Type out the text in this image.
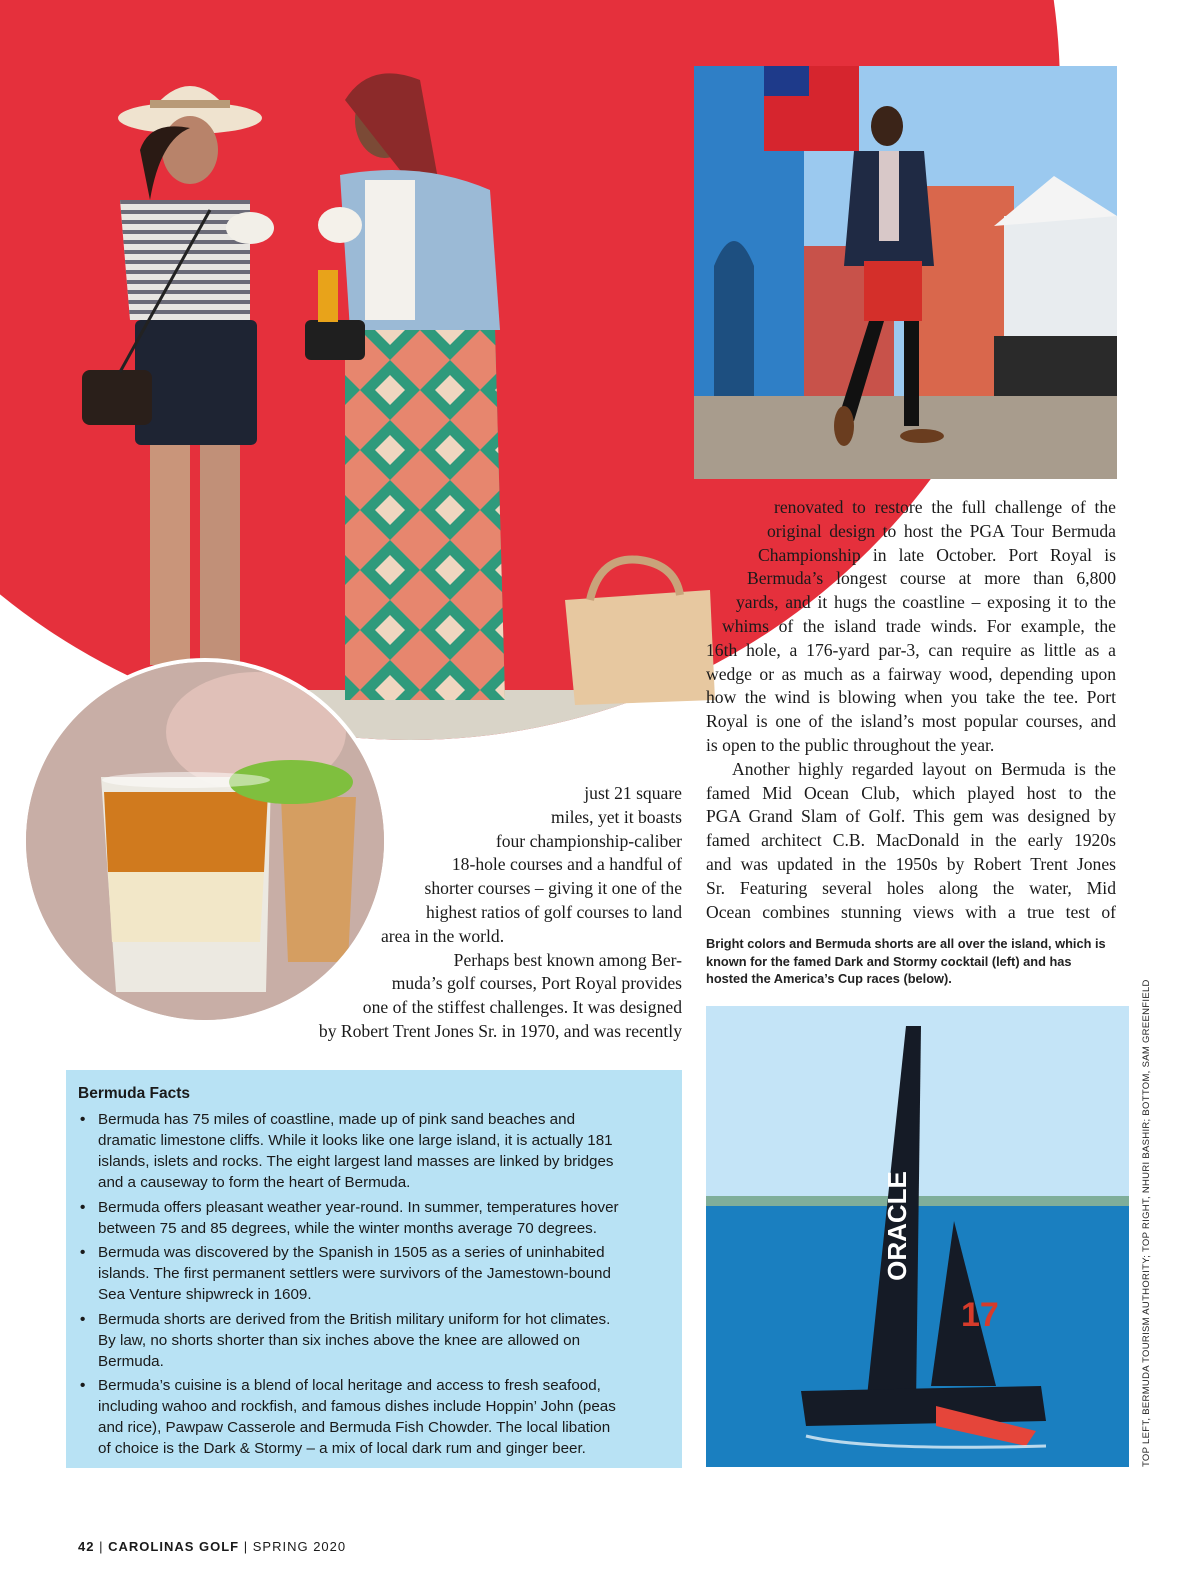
renovated to restore the full challenge of the
original design to host the PGA Tour Bermuda
Championship in late October. Port Royal is
Bermuda’s longest course at more than 6,800
yards, and it hugs the coastline – exposing it to the
whims of the island trade winds. For example, the
16th hole, a 176-yard par-3, can require as little as a
wedge or as much as a fairway wood, depending upon
how the wind is blowing when you take the tee. Port
Royal is one of the island’s most popular courses, and
is open to the public throughout the year.
Another highly regarded layout on Bermuda is the
famed Mid Ocean Club, which played host to the
PGA Grand Slam of Golf. This gem was designed by
famed architect C.B. MacDonald in the early 1920s
and was updated in the 1950s by Robert Trent Jones
Sr. Featuring several holes along the water, Mid
Ocean combines stunning views with a true test of
just 21 square
miles, yet it boasts
four championship-caliber
18-hole courses and a handful of
shorter courses – giving it one of the
highest ratios of golf courses to land
area in the world.
Perhaps best known among Ber-
muda’s golf courses, Port Royal provides
one of the stiffest challenges. It was designed
by Robert Trent Jones Sr. in 1970, and was recently
Bright colors and Bermuda shorts are all over the island, which is
known for the famed Dark and Stormy cocktail (left) and has
hosted the America’s Cup races (below).
ORACLE
17	TOP LEFT, BERMUDA TOURISM AUTHORITY; TOP RIGHT, NHURI BASHIR; BOTTOM, SAM GREENFIELD
Bermuda Facts
• Bermuda has 75 miles of coastline, made up of pink sand beaches and
dramatic limestone cliffs. While it looks like one large island, it is actually 181
islands, islets and rocks. The eight largest land masses are linked by bridges
and a causeway to form the heart of Bermuda.
• Bermuda offers pleasant weather year-round. In summer, temperatures hover
between 75 and 85 degrees, while the winter months average 70 degrees.
• Bermuda was discovered by the Spanish in 1505 as a series of uninhabited
islands. The first permanent settlers were survivors of the Jamestown-bound
Sea Venture shipwreck in 1609.
• Bermuda shorts are derived from the British military uniform for hot climates.
By law, no shorts shorter than six inches above the knee are allowed on
Bermuda.
• Bermuda’s cuisine is a blend of local heritage and access to fresh seafood,
including wahoo and rockfish, and famous dishes include Hoppin’ John (peas
and rice), Pawpaw Casserole and Bermuda Fish Chowder. The local libation
of choice is the Dark & Stormy – a mix of local dark rum and ginger beer.
42 | CAROLINAS GOLF | SPRING 2020
